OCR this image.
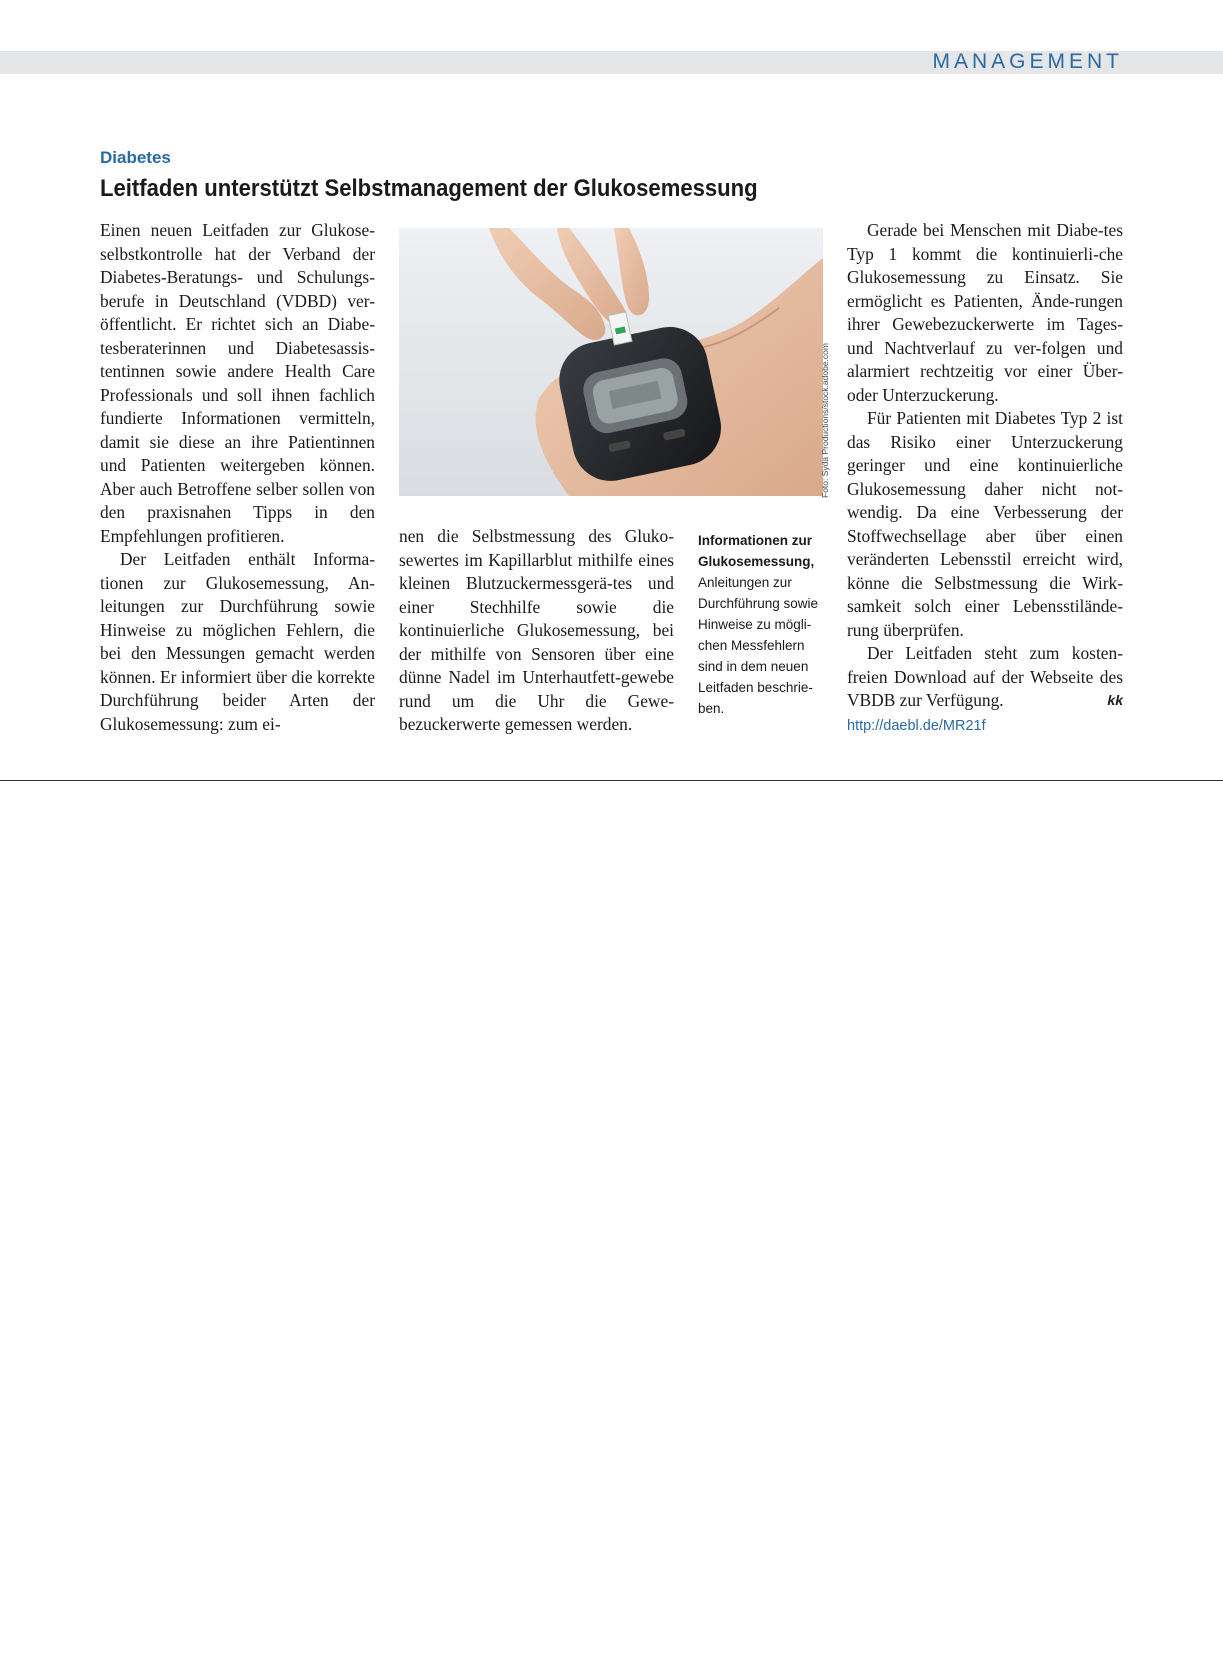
MANAGEMENT
Diabetes
Leitfaden unterstützt Selbstmanagement der Glukosemessung

Einen neuen Leitfaden zur Glukose-selbstkontrolle hat der Verband der Diabetes-Beratungs- und Schulungs-berufe in Deutschland (VDBD) ver-öffentlicht. Er richtet sich an Diabe-tesberaterinnen und Diabetesassis-tentinnen sowie andere Health Care Professionals und soll ihnen fachlich fundierte Informationen vermitteln, damit sie diese an ihre Patientinnen und Patienten weitergeben können. Aber auch Betroffene selber sollen von den praxisnahen Tipps in den Empfehlungen profitieren.

Der Leitfaden enthält Informa-tionen zur Glukosemessung, An-leitungen zur Durchführung sowie Hinweise zu möglichen Fehlern, die bei den Messungen gemacht werden können. Er informiert über die korrekte Durchführung beider Arten der Glukosemessung: zum ei-

Foto: Syda Productions/stock.adobe.com

nen die Selbstmessung des Gluko-sewertes im Kapillarblut mithilfe eines kleinen Blutzuckermessgerä-tes und einer Stechhilfe sowie die kontinuierliche Glukosemessung, bei der mithilfe von Sensoren über eine dünne Nadel im Unterhautfett-gewebe rund um die Uhr die Gewe-bezuckerwerte gemessen werden.

Informationen zur Glukosemessung, Anleitungen zur Durchführung sowie Hinweise zu mögli-chen Messfehlern sind in dem neuen Leitfaden beschrie-ben.

Gerade bei Menschen mit Diabe-tes Typ 1 kommt die kontinuierli-che Glukosemessung zu Einsatz. Sie ermöglicht es Patienten, Ände-rungen ihrer Gewebezuckerwerte im Tages- und Nachtverlauf zu ver-folgen und alarmiert rechtzeitig vor einer Über- oder Unterzuckerung.

Für Patienten mit Diabetes Typ 2 ist das Risiko einer Unterzuckerung geringer und eine kontinuierliche Glukosemessung daher nicht not-wendig. Da eine Verbesserung der Stoffwechsellage aber über einen veränderten Lebensstil erreicht wird, könne die Selbstmessung die Wirk-samkeit solch einer Lebensstilände-rung überprüfen.

Der Leitfaden steht zum kosten-freien Download auf der Webseite des VBDB zur Verfügung.	kk

http://daebl.de/MR21f
